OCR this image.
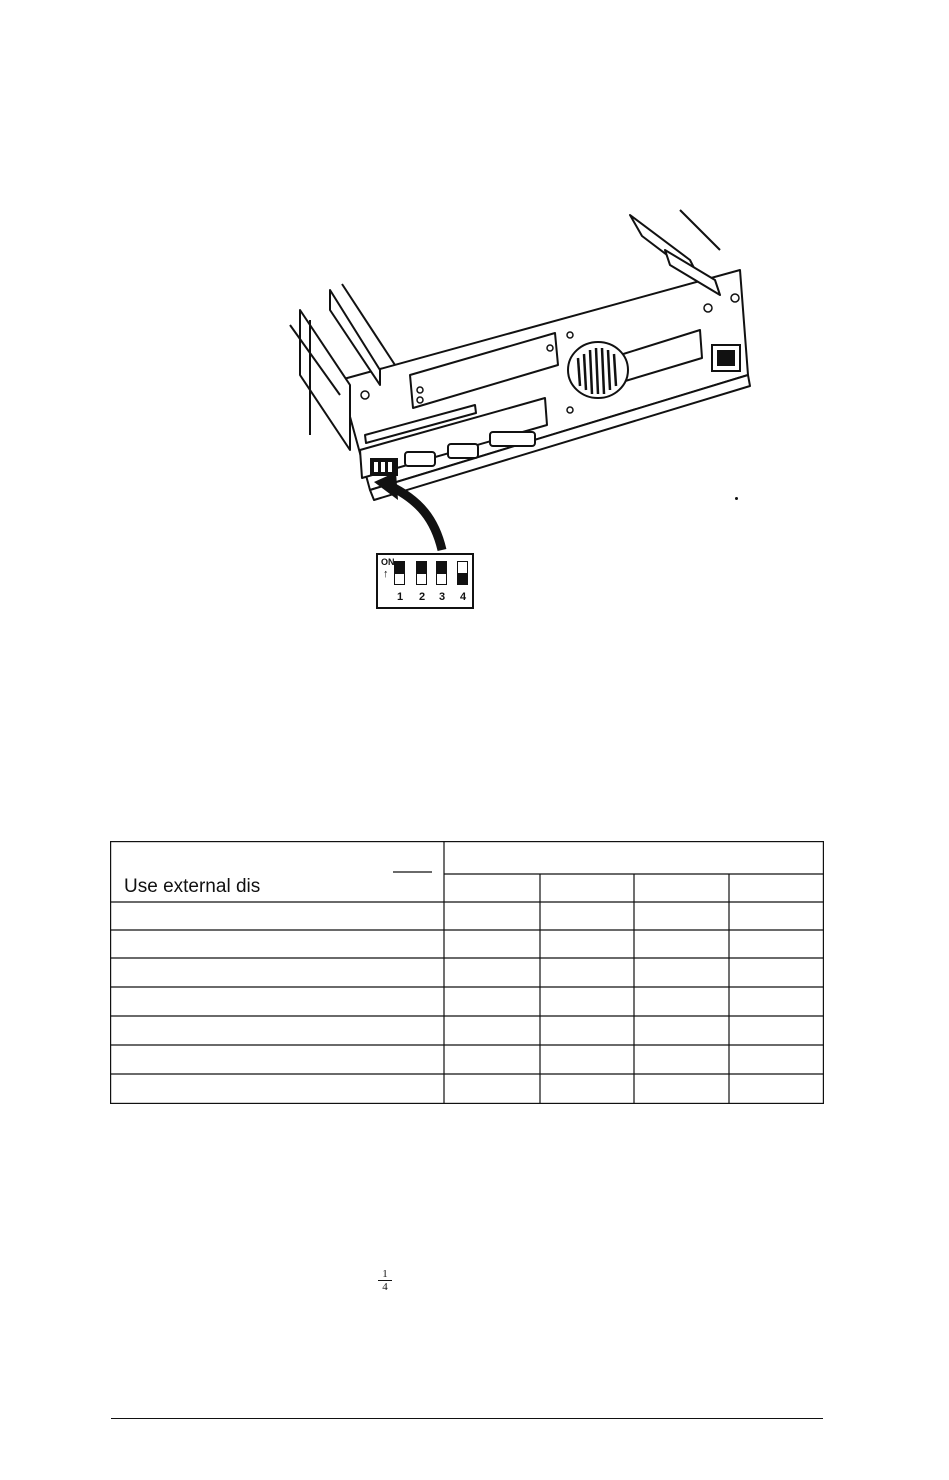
ON
↑
1 2 3 4
Use external dis
1
4
